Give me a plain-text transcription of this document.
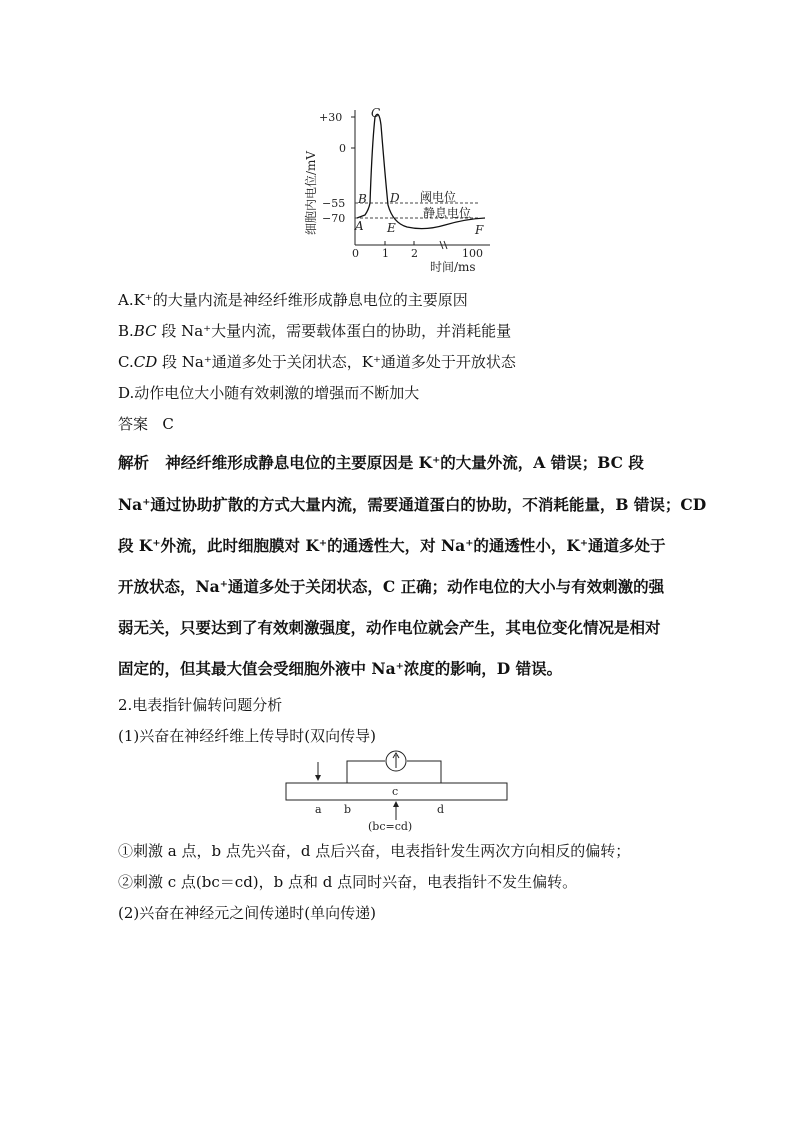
细胞内电位/mV
+30
0
−55
−70
0 1 2	100
时间/ms
C
B D
A E	F
阈电位
静息电位
A.K⁺的大量内流是神经纤维形成静息电位的主要原因
B.BC 段 Na⁺大量内流，需要载体蛋白的协助，并消耗能量
C.CD 段 Na⁺通道多处于关闭状态，K⁺通道多处于开放状态
D.动作电位大小随有效刺激的增强而不断加大
答案 C
解析 神经纤维形成静息电位的主要原因是 K⁺的大量外流，A 错误；BC 段
Na⁺通过协助扩散的方式大量内流，需要通道蛋白的协助，不消耗能量，B 错误；CD
段 K⁺外流，此时细胞膜对 K⁺的通透性大，对 Na⁺的通透性小，K⁺通道多处于
开放状态，Na⁺通道多处于关闭状态，C 正确；动作电位的大小与有效刺激的强
弱无关，只要达到了有效刺激强度，动作电位就会产生，其电位变化情况是相对
固定的，但其最大值会受细胞外液中 Na⁺浓度的影响，D 错误。
2.电表指针偏转问题分析
(1)兴奋在神经纤维上传导时(双向传导)
a b
c
d
(bc=cd)
①刺激 a 点，b 点先兴奋，d 点后兴奋，电表指针发生两次方向相反的偏转；
②刺激 c 点(bc＝cd)，b 点和 d 点同时兴奋，电表指针不发生偏转。
(2)兴奋在神经元之间传递时(单向传递)
